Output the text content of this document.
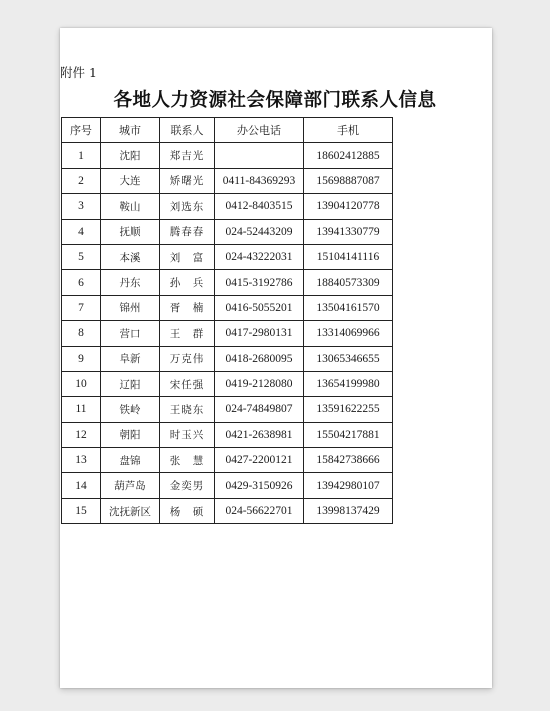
附件 1
各地人力资源社会保障部门联系人信息
序号	城市	联系人	办公电话	手机
1	沈阳	郑吉光		18602412885
2	大连	矫曙光	0411-84369293	15698887087
3	鞍山	刘选东	0412-8403515	13904120778
4	抚顺	腾春春	024-52443209	13941330779
5	本溪	刘　富	024-43222031	15104141116
6	丹东	孙　兵	0415-3192786	18840573309
7	锦州	胥　楠	0416-5055201	13504161570
8	营口	王　群	0417-2980131	13314069966
9	阜新	万克伟	0418-2680095	13065346655
10	辽阳	宋任强	0419-2128080	13654199980
11	铁岭	王晓东	024-74849807	13591622255
12	朝阳	时玉兴	0421-2638981	15504217881
13	盘锦	张　慧	0427-2200121	15842738666
14	葫芦岛	金奕男	0429-3150926	13942980107
15	沈抚新区	杨　硕	024-56622701	13998137429
